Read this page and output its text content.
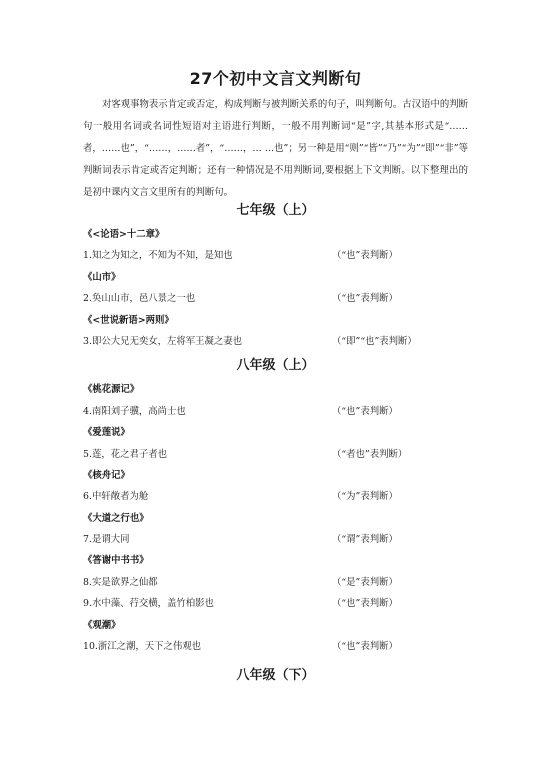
27个初中文言文判断句

对客观事物表示肯定或否定，构成判断与被判断关系的句子，叫判断句。古汉语中的判断句一般用名词或名词性短语对主语进行判断，一般不用判断词“是”字,其基本形式是“……者，……也”，“……，……者”，“……，… …也”；另一种是用“则”“皆”“乃”“为”“即”“非”等判断词表示肯定或否定判断；还有一种情况是不用判断词,要根据上下文判断。以下整理出的是初中课内文言文里所有的判断句。

七年级（上）

《<论语>十二章》

1.知之为知之，不知为不知，是知也	（“也”表判断）

《山市》

2.奂山山市，邑八景之一也	（“也”表判断）

《<世说新语>两则》

3.即公大兄无奕女，左将军王凝之妻也	（“即”“也”表判断）
八年级（上）

《桃花源记》

4.南阳刘子骥，高尚士也	（“也”表判断）

《爱莲说》

5.莲，花之君子者也	（“者也”表判断）

《核舟记》

6.中轩敞者为舱	（“为”表判断）

《大道之行也》

7.是谓大同	（“谓”表判断）

《答谢中书书》

8.实是欲界之仙都	（“是”表判断）
9.水中藻、荇交横，盖竹柏影也	（“也”表判断）

《观潮》

10.浙江之潮，天下之伟观也	（“也”表判断）
八年级（下）
